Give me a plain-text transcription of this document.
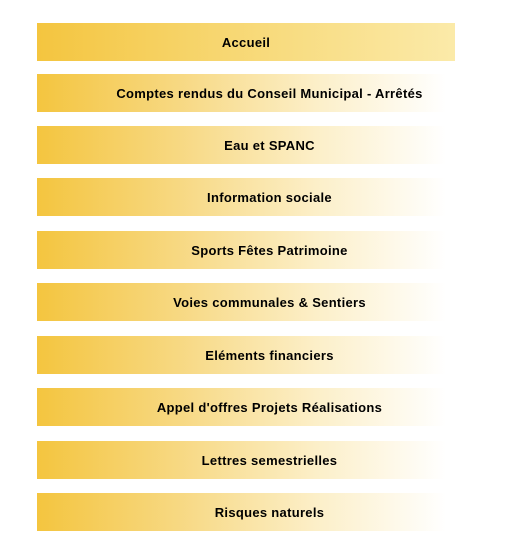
Accueil
Comptes rendus du Conseil Municipal - Arrêtés
Eau et SPANC
Information sociale
Sports Fêtes Patrimoine
Voies communales & Sentiers
Eléments financiers
Appel d'offres Projets Réalisations
Lettres semestrielles
Risques naturels
